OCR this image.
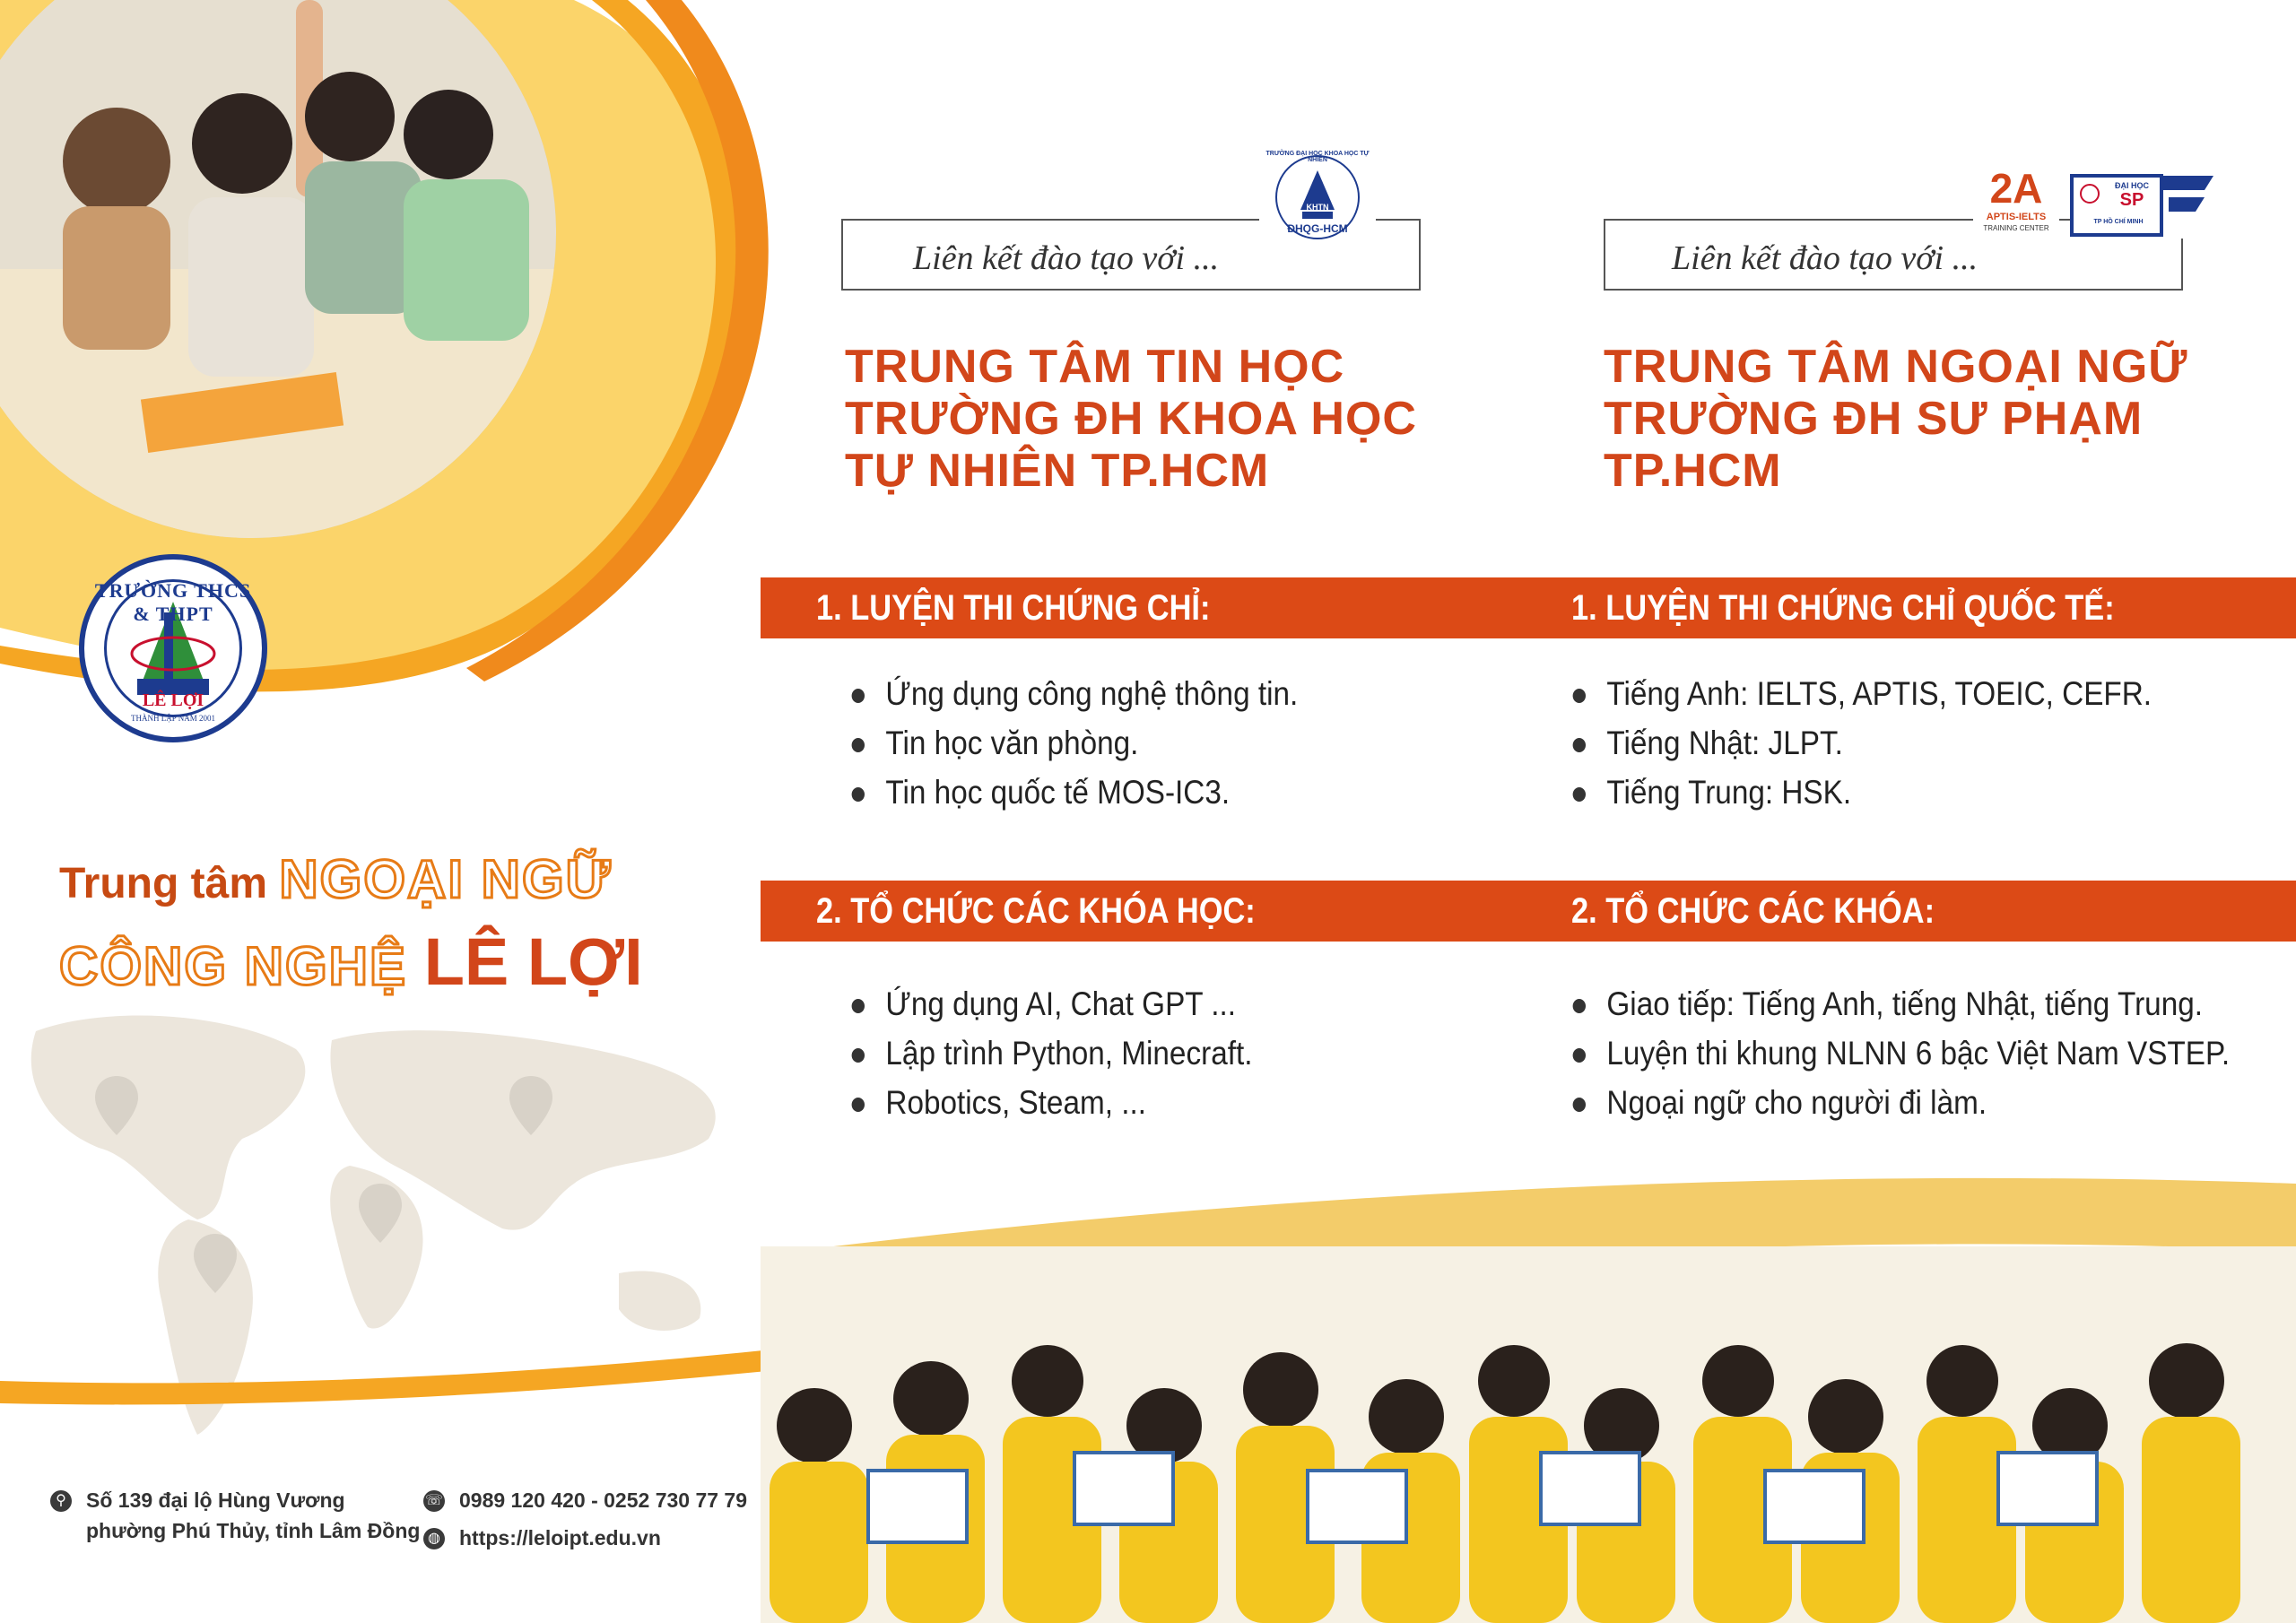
TRƯỜNG THCS & THPT
LÊ LỢI
THÀNH LẬP NĂM 2001
Trung tâm NGOẠI NGỮ
CÔNG NGHỆ LÊ LỢI
Liên kết đào tạo với ...
KHTN
ĐHQG-HCM
TRƯỜNG ĐẠI HỌC KHOA HỌC TỰ NHIÊN
TRUNG TÂM TIN HỌC
TRƯỜNG ĐH KHOA HỌC
TỰ NHIÊN TP.HCM
Liên kết đào tạo với ...
2A
APTIS-IELTS
TRAINING CENTER
ĐẠI HỌC
SP
TP HỒ CHÍ MINH
TRUNG TÂM NGOẠI NGỮ
TRƯỜNG ĐH SƯ PHẠM
TP.HCM
1. LUYỆN THI CHỨNG CHỈ:	1. LUYỆN THI CHỨNG CHỈ QUỐC TẾ:
Ứng dụng công nghệ thông tin.
Tin học văn phòng.
Tin học quốc tế MOS-IC3.
Tiếng Anh: IELTS, APTIS, TOEIC, CEFR.
Tiếng Nhật: JLPT.
Tiếng Trung: HSK.
2. TỔ CHỨC CÁC KHÓA HỌC:	2. TỔ CHỨC CÁC KHÓA:
Ứng dụng AI, Chat GPT ...
Lập trình Python, Minecraft.
Robotics, Steam, ...
Giao tiếp: Tiếng Anh, tiếng Nhật, tiếng Trung.
Luyện thi khung NLNN 6 bậc Việt Nam VSTEP.
Ngoại ngữ cho người đi làm.
⚲ Số 139 đại lộ Hùng Vương
phường Phú Thủy, tỉnh Lâm Đồng
☏ 0989 120 420 - 0252 730 77 79
◍ https://leloipt.edu.vn
